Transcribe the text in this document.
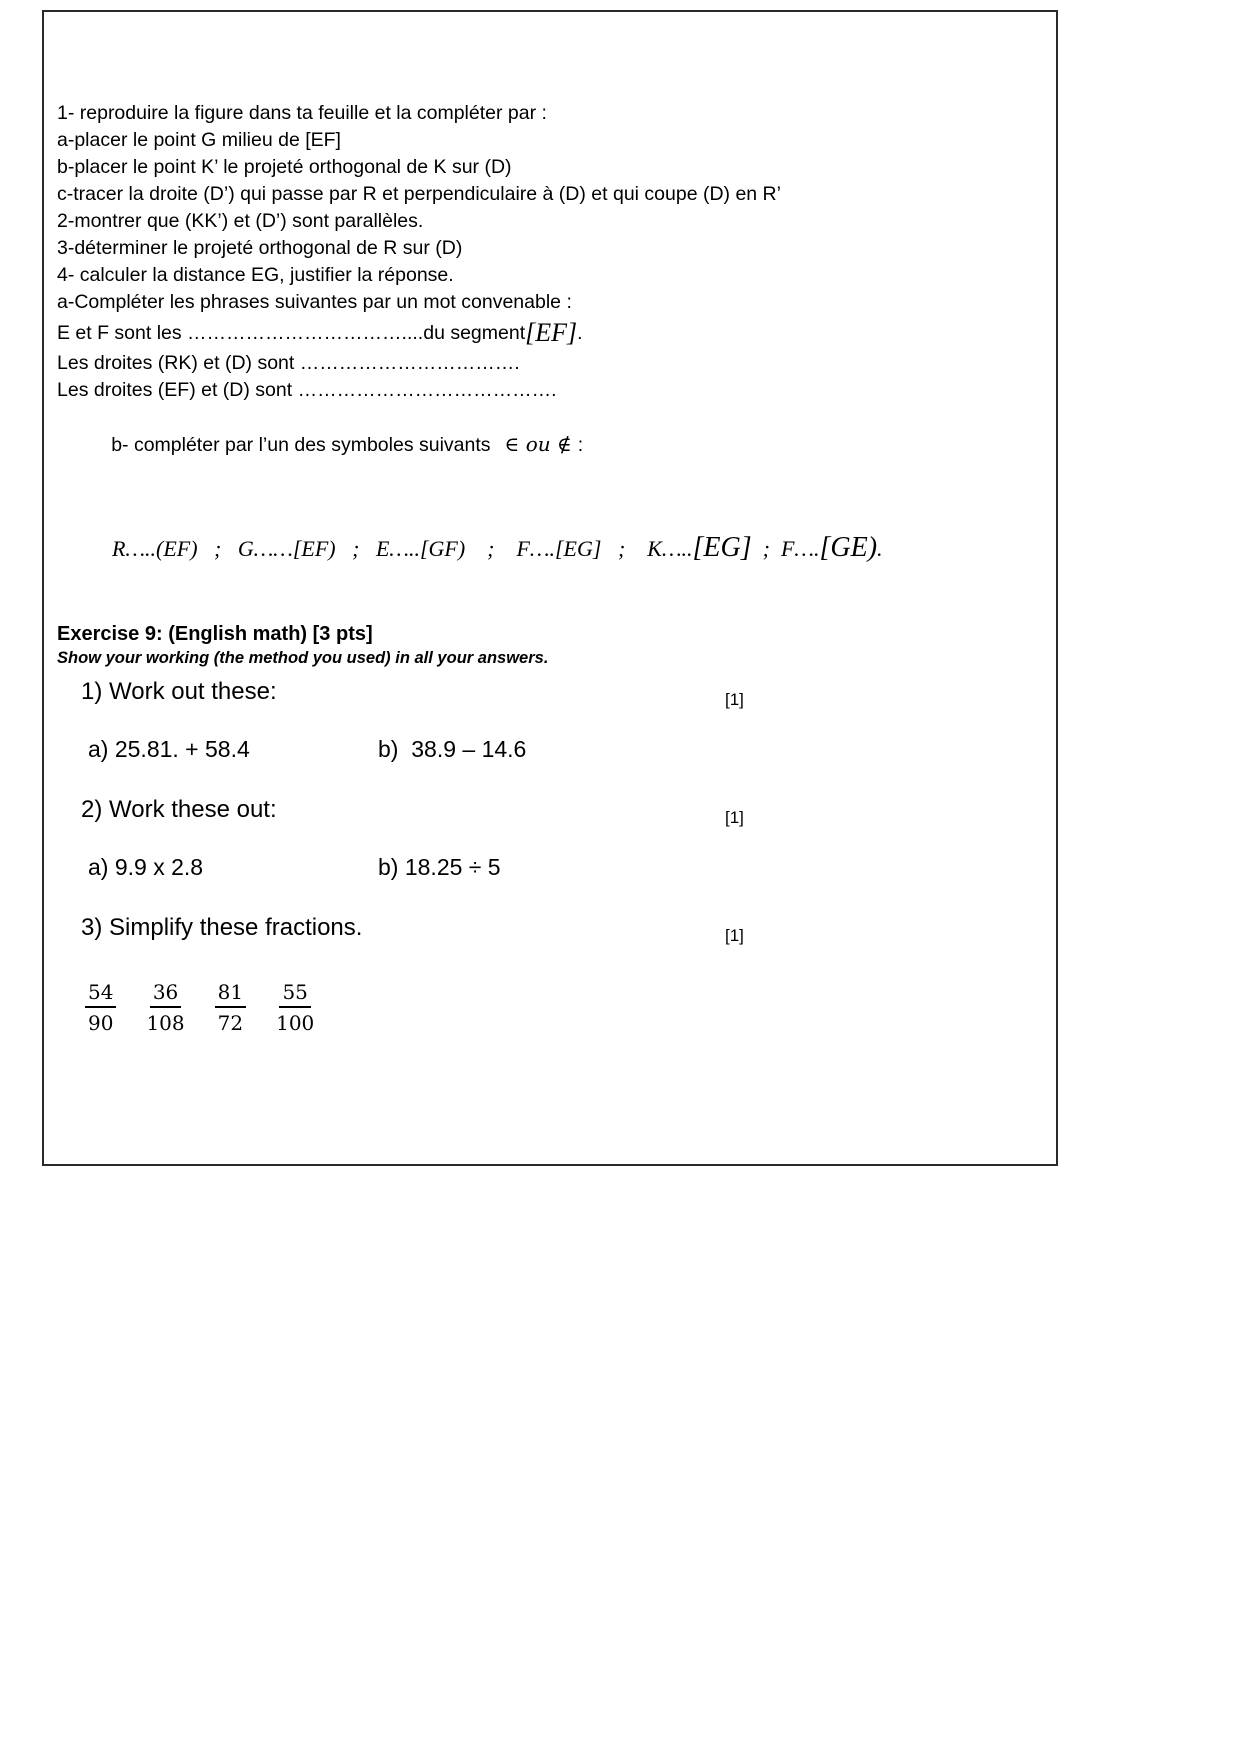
1- reproduire la figure dans ta feuille et la compléter par :

a-placer le point G milieu de [EF]

b-placer le point K’ le projeté orthogonal de K sur (D)

c-tracer la droite (D’) qui passe par R et perpendiculaire à (D) et qui coupe (D) en R’

2-montrer que (KK’) et (D’) sont parallèles.

3-déterminer le projeté orthogonal de R sur (D)

4- calculer la distance EG, justifier la réponse.

a-Compléter les phrases suivantes par un mot convenable :

E et F sont les ……………………………....du segment [EF] .

Les droites (RK) et (D) sont …………………………….

Les droites (EF) et (D) sont ………………………………….

b- compléter par l’un des symboles suivants ∈ ou ∉ :

R…..(EF)   ;   G……[EF)   ;   E…..[GF)    ;    F….[EG]   ;    K…..[EG]  ;  F….[GE).

Exercise 9: (English math) [3 pts]

Show your working (the method you used) in all your answers.

1) Work out these:	[1]
a) 25.81. + 58.4	b)  38.9 – 14.6
2) Work these out:	[1]
a) 9.9 x 2.8	b) 18.25 ÷ 5
3) Simplify these fractions.	[1]
$\frac{54}{90} \frac{36}{108} \frac{81}{72} \frac{55}{100}$
